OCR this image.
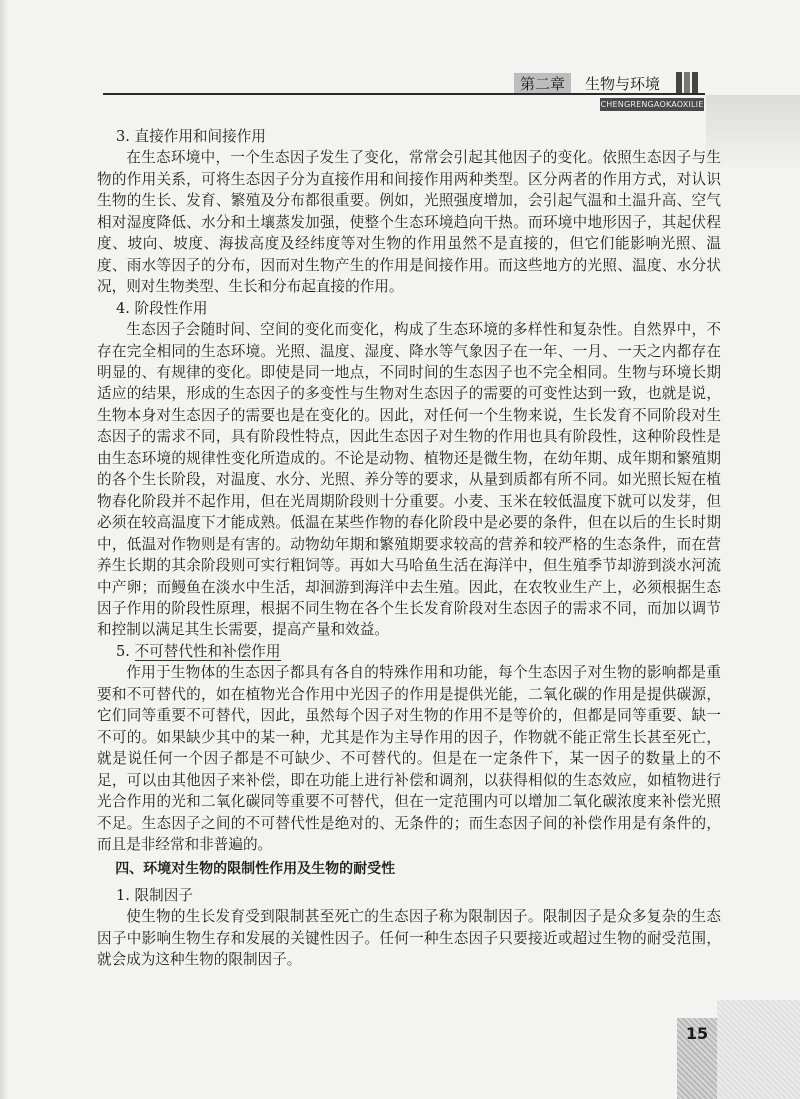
第二章	生物与环境
CHENGRENGAOKAOXILIE

3. 直接作用和间接作用

在生态环境中，一个生态因子发生了变化，常常会引起其他因子的变化。依照生态因子与生物的作用关系，可将生态因子分为直接作用和间接作用两种类型。区分两者的作用方式，对认识生物的生长、发育、繁殖及分布都很重要。例如，光照强度增加，会引起气温和土温升高、空气相对湿度降低、水分和土壤蒸发加强，使整个生态环境趋向干热。而环境中地形因子，其起伏程度、坡向、坡度、海拔高度及经纬度等对生物的作用虽然不是直接的，但它们能影响光照、温度、雨水等因子的分布，因而对生物产生的作用是间接作用。而这些地方的光照、温度、水分状况，则对生物类型、生长和分布起直接的作用。

4. 阶段性作用

生态因子会随时间、空间的变化而变化，构成了生态环境的多样性和复杂性。自然界中，不存在完全相同的生态环境。光照、温度、湿度、降水等气象因子在一年、一月、一天之内都存在明显的、有规律的变化。即使是同一地点，不同时间的生态因子也不完全相同。生物与环境长期适应的结果，形成的生态因子的多变性与生物对生态因子的需要的可变性达到一致，也就是说，生物本身对生态因子的需要也是在变化的。因此，对任何一个生物来说，生长发育不同阶段对生态因子的需求不同，具有阶段性特点，因此生态因子对生物的作用也具有阶段性，这种阶段性是由生态环境的规律性变化所造成的。不论是动物、植物还是微生物，在幼年期、成年期和繁殖期的各个生长阶段，对温度、水分、光照、养分等的要求，从量到质都有所不同。如光照长短在植物春化阶段并不起作用，但在光周期阶段则十分重要。小麦、玉米在较低温度下就可以发芽，但必须在较高温度下才能成熟。低温在某些作物的春化阶段中是必要的条件，但在以后的生长时期中，低温对作物则是有害的。动物幼年期和繁殖期要求较高的营养和较严格的生态条件，而在营养生长期的其余阶段则可实行粗饲等。再如大马哈鱼生活在海洋中，但生殖季节却游到淡水河流中产卵；而鳗鱼在淡水中生活，却洄游到海洋中去生殖。因此，在农牧业生产上，必须根据生态因子作用的阶段性原理，根据不同生物在各个生长发育阶段对生态因子的需求不同，而加以调节和控制以满足其生长需要，提高产量和效益。

5. 不可替代性和补偿作用

作用于生物体的生态因子都具有各自的特殊作用和功能，每个生态因子对生物的影响都是重要和不可替代的，如在植物光合作用中光因子的作用是提供光能，二氧化碳的作用是提供碳源，它们同等重要不可替代，因此，虽然每个因子对生物的作用不是等价的，但都是同等重要、缺一不可的。如果缺少其中的某一种，尤其是作为主导作用的因子，作物就不能正常生长甚至死亡，就是说任何一个因子都是不可缺少、不可替代的。但是在一定条件下，某一因子的数量上的不足，可以由其他因子来补偿，即在功能上进行补偿和调剂，以获得相似的生态效应，如植物进行光合作用的光和二氧化碳同等重要不可替代，但在一定范围内可以增加二氧化碳浓度来补偿光照不足。生态因子之间的不可替代性是绝对的、无条件的；而生态因子间的补偿作用是有条件的，而且是非经常和非普遍的。

四、环境对生物的限制性作用及生物的耐受性

1. 限制因子

使生物的生长发育受到限制甚至死亡的生态因子称为限制因子。限制因子是众多复杂的生态因子中影响生物生存和发展的关键性因子。任何一种生态因子只要接近或超过生物的耐受范围，就会成为这种生物的限制因子。

15
